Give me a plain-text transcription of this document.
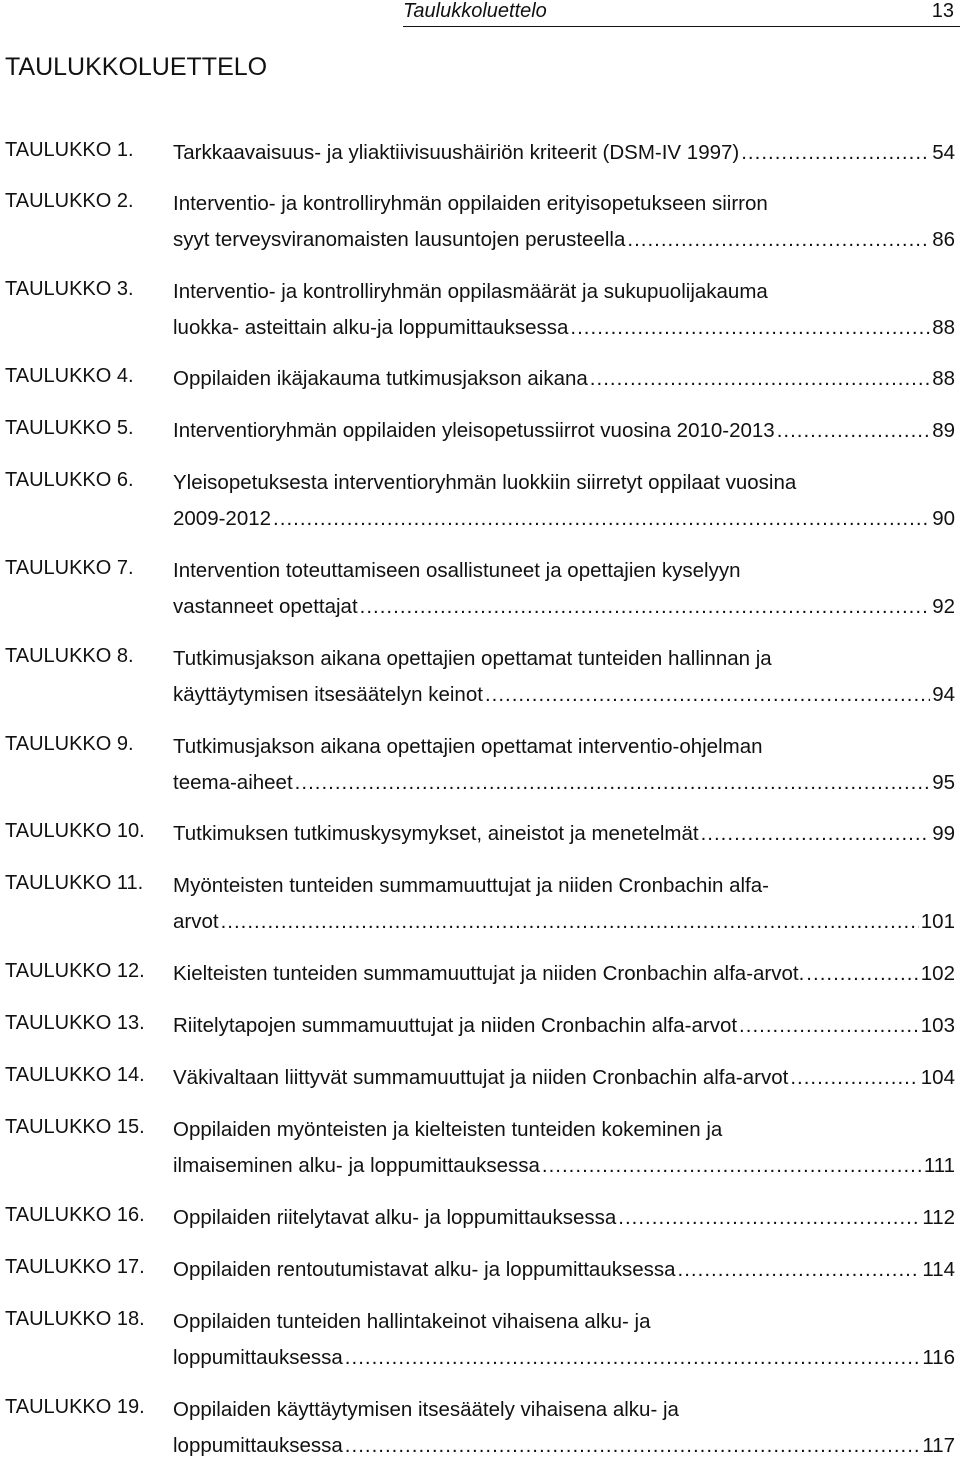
Taulukkoluettelo	13
TAULUKKOLUETTELO
TAULUKKO 1. Tarkkaavaisuus- ja yliaktiivisuushäiriön kriteerit (DSM-IV 1997) .....	54
TAULUKKO 2. Interventio- ja kontrolliryhmän oppilaiden erityisopetukseen siirron
syyt terveysviranomaisten lausuntojen perusteella .....	86
TAULUKKO 3. Interventio- ja kontrolliryhmän oppilasmäärät ja sukupuolijakauma
luokka- asteittain alku-ja loppumittauksessa .....	88
TAULUKKO 4. Oppilaiden ikäjakauma tutkimusjakson aikana .....	88
TAULUKKO 5. Interventioryhmän oppilaiden yleisopetussiirrot vuosina 2010-2013 .....	89
TAULUKKO 6. Yleisopetuksesta interventioryhmän luokkiin siirretyt oppilaat vuosina
2009-2012 .....	90
TAULUKKO 7. Intervention toteuttamiseen osallistuneet ja opettajien kyselyyn
vastanneet opettajat .....	92
TAULUKKO 8. Tutkimusjakson aikana opettajien opettamat tunteiden hallinnan ja
käyttäytymisen itsesäätelyn keinot .....	94
TAULUKKO 9. Tutkimusjakson aikana opettajien opettamat interventio-ohjelman
teema-aiheet .....	95
TAULUKKO 10. Tutkimuksen tutkimuskysymykset, aineistot ja menetelmät .....	99
TAULUKKO 11. Myönteisten tunteiden summamuuttujat ja niiden Cronbachin alfa-
arvot .....	101
TAULUKKO 12. Kielteisten tunteiden summamuuttujat ja niiden Cronbachin alfa-arvot. .....	102
TAULUKKO 13. Riitelytapojen summamuuttujat ja niiden Cronbachin alfa-arvot .....	103
TAULUKKO 14. Väkivaltaan liittyvät summamuuttujat ja niiden Cronbachin alfa-arvot .....	104
TAULUKKO 15. Oppilaiden myönteisten ja kielteisten tunteiden kokeminen ja
ilmaiseminen alku- ja loppumittauksessa .....	111
TAULUKKO 16. Oppilaiden riitelytavat alku- ja loppumittauksessa .....	112
TAULUKKO 17. Oppilaiden rentoutumistavat alku- ja loppumittauksessa .....	114
TAULUKKO 18. Oppilaiden tunteiden hallintakeinot vihaisena alku- ja
loppumittauksessa .....	116
TAULUKKO 19. Oppilaiden käyttäytymisen itsesäätely vihaisena alku- ja
loppumittauksessa .....	117
